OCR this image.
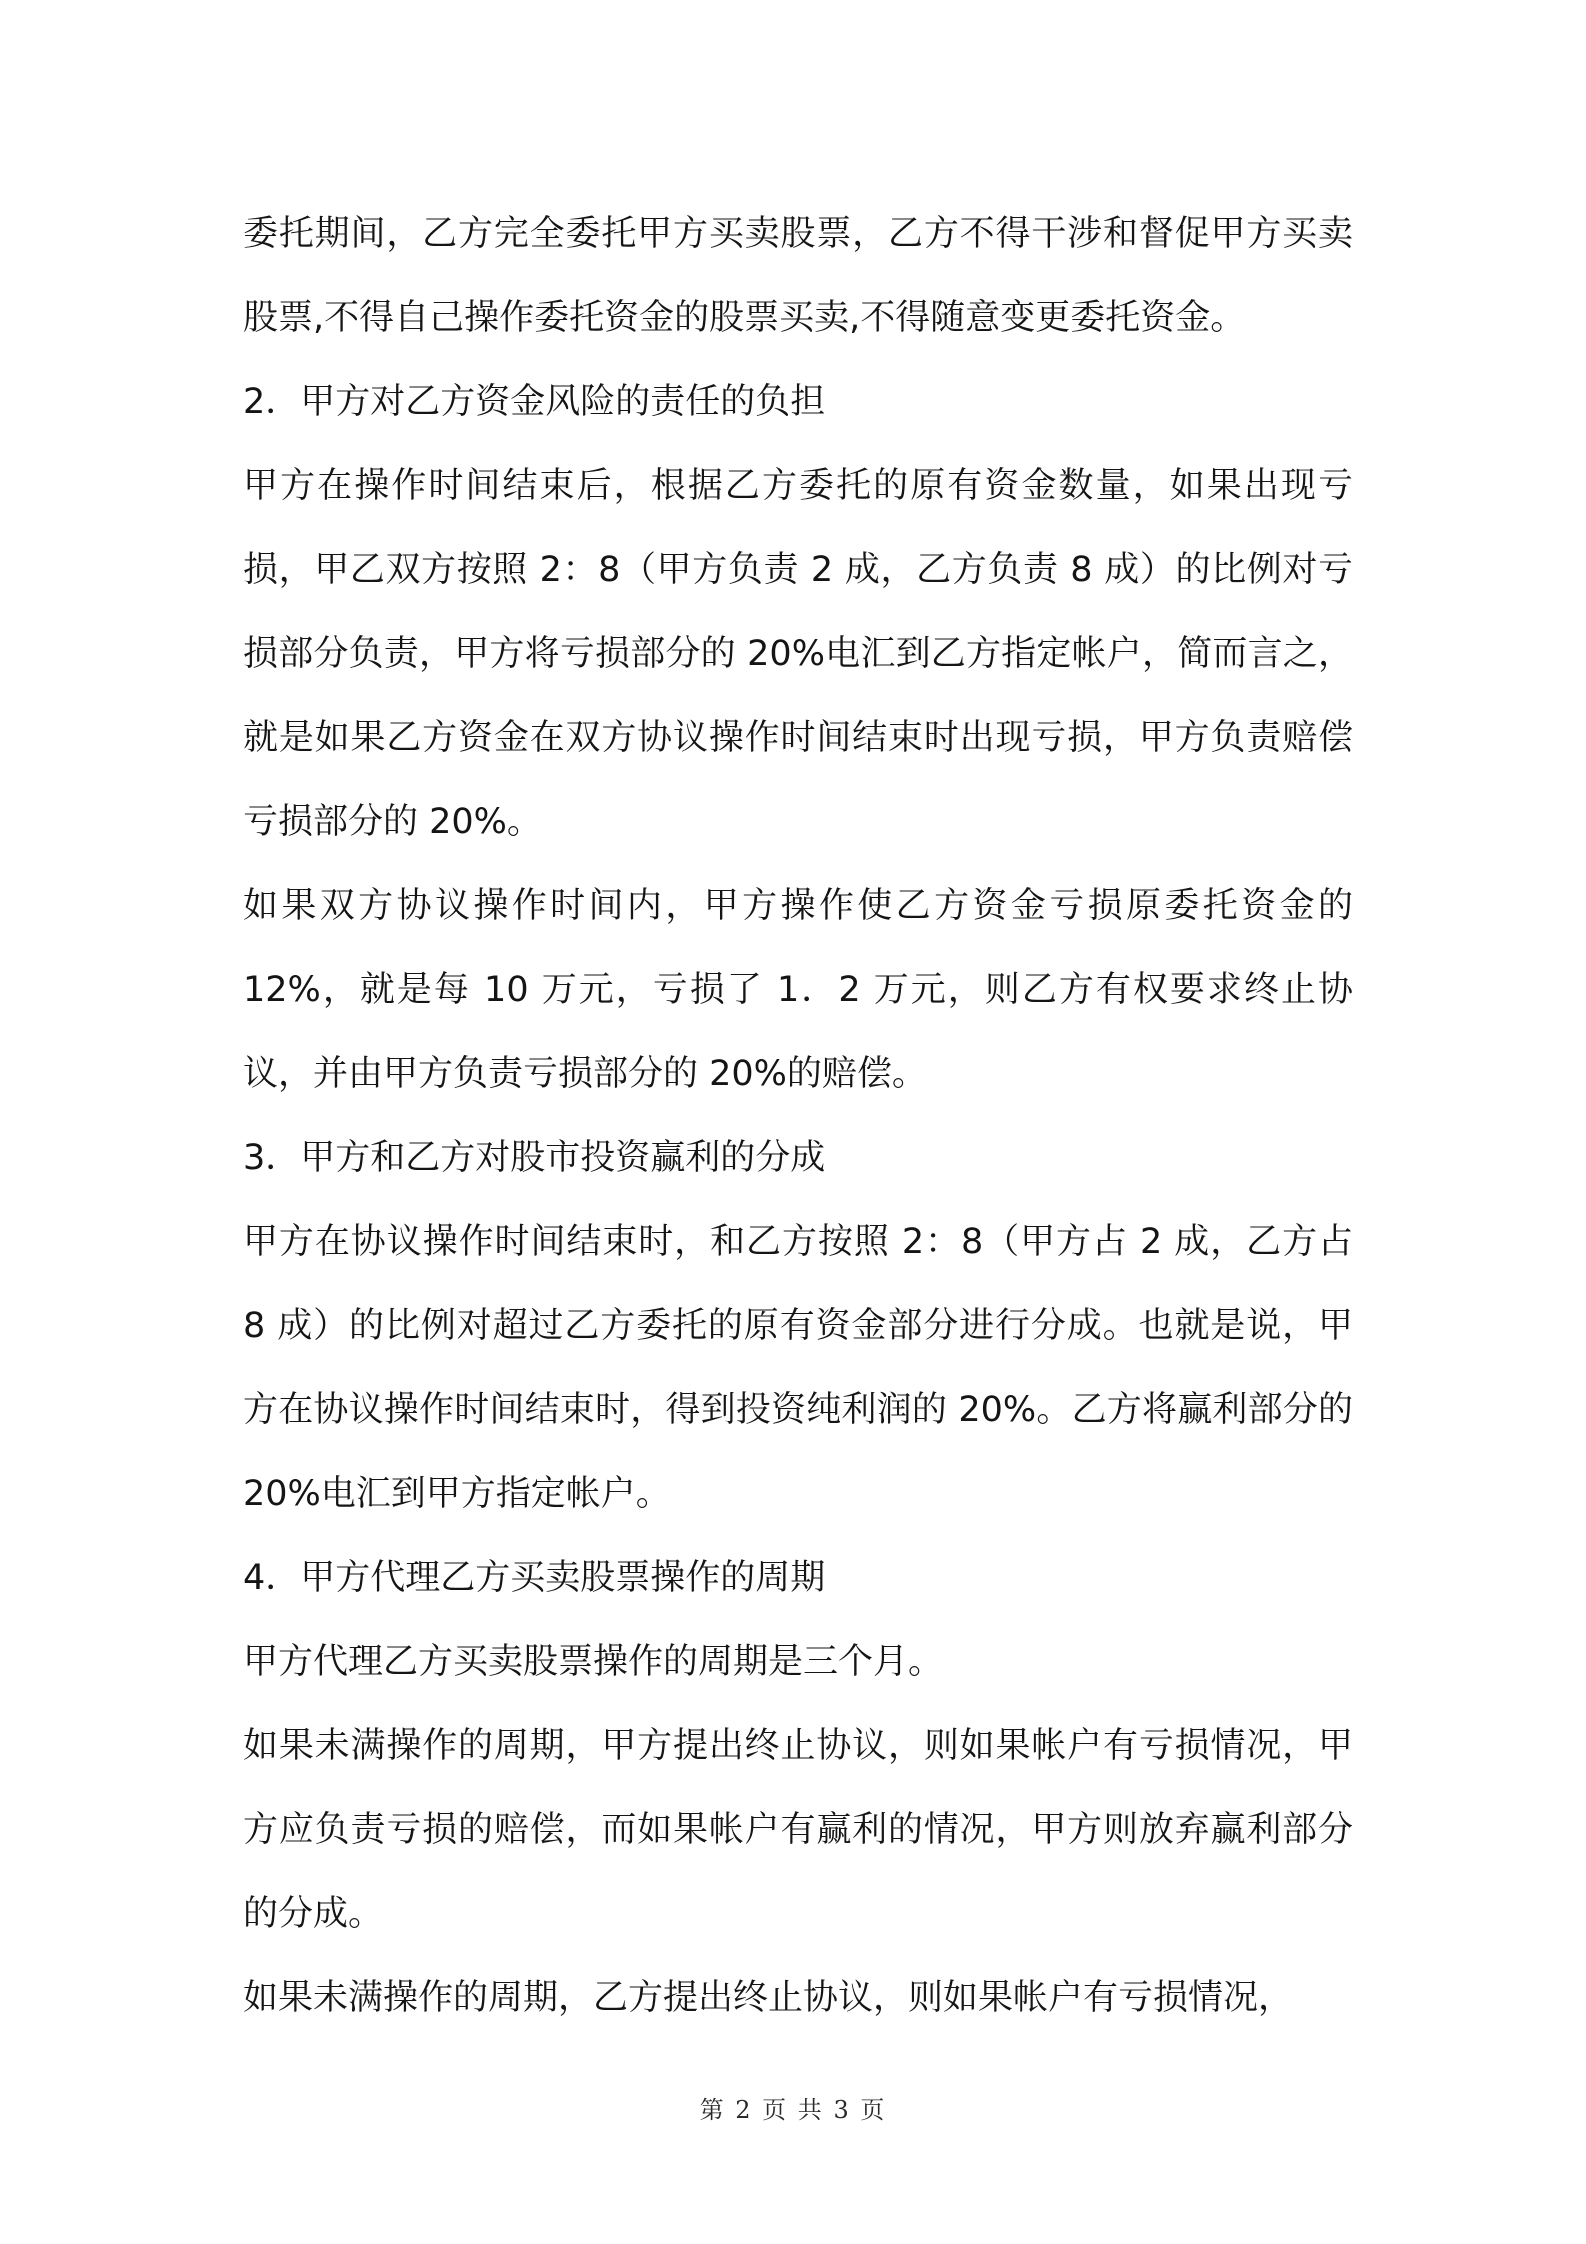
委托期间，乙方完全委托甲方买卖股票，乙方不得干涉和督促甲方买卖股票,不得自己操作委托资金的股票买卖,不得随意变更委托资金。

2．甲方对乙方资金风险的责任的负担

甲方在操作时间结束后，根据乙方委托的原有资金数量，如果出现亏损，甲乙双方按照 2：8（甲方负责 2 成，乙方负责 8 成）的比例对亏损部分负责，甲方将亏损部分的 20%电汇到乙方指定帐户，简而言之，就是如果乙方资金在双方协议操作时间结束时出现亏损，甲方负责赔偿亏损部分的 20%。

如果双方协议操作时间内，甲方操作使乙方资金亏损原委托资金的12%，就是每 10 万元，亏损了 1．2 万元，则乙方有权要求终止协议，并由甲方负责亏损部分的 20%的赔偿。

3．甲方和乙方对股市投资赢利的分成

甲方在协议操作时间结束时，和乙方按照 2：8（甲方占 2 成，乙方占 8 成）的比例对超过乙方委托的原有资金部分进行分成。也就是说，甲方在协议操作时间结束时，得到投资纯利润的 20%。乙方将赢利部分的 20%电汇到甲方指定帐户。

4．甲方代理乙方买卖股票操作的周期

甲方代理乙方买卖股票操作的周期是三个月。

如果未满操作的周期，甲方提出终止协议，则如果帐户有亏损情况，甲方应负责亏损的赔偿，而如果帐户有赢利的情况，甲方则放弃赢利部分的分成。

如果未满操作的周期，乙方提出终止协议，则如果帐户有亏损情况，

第 2 页 共 3 页
